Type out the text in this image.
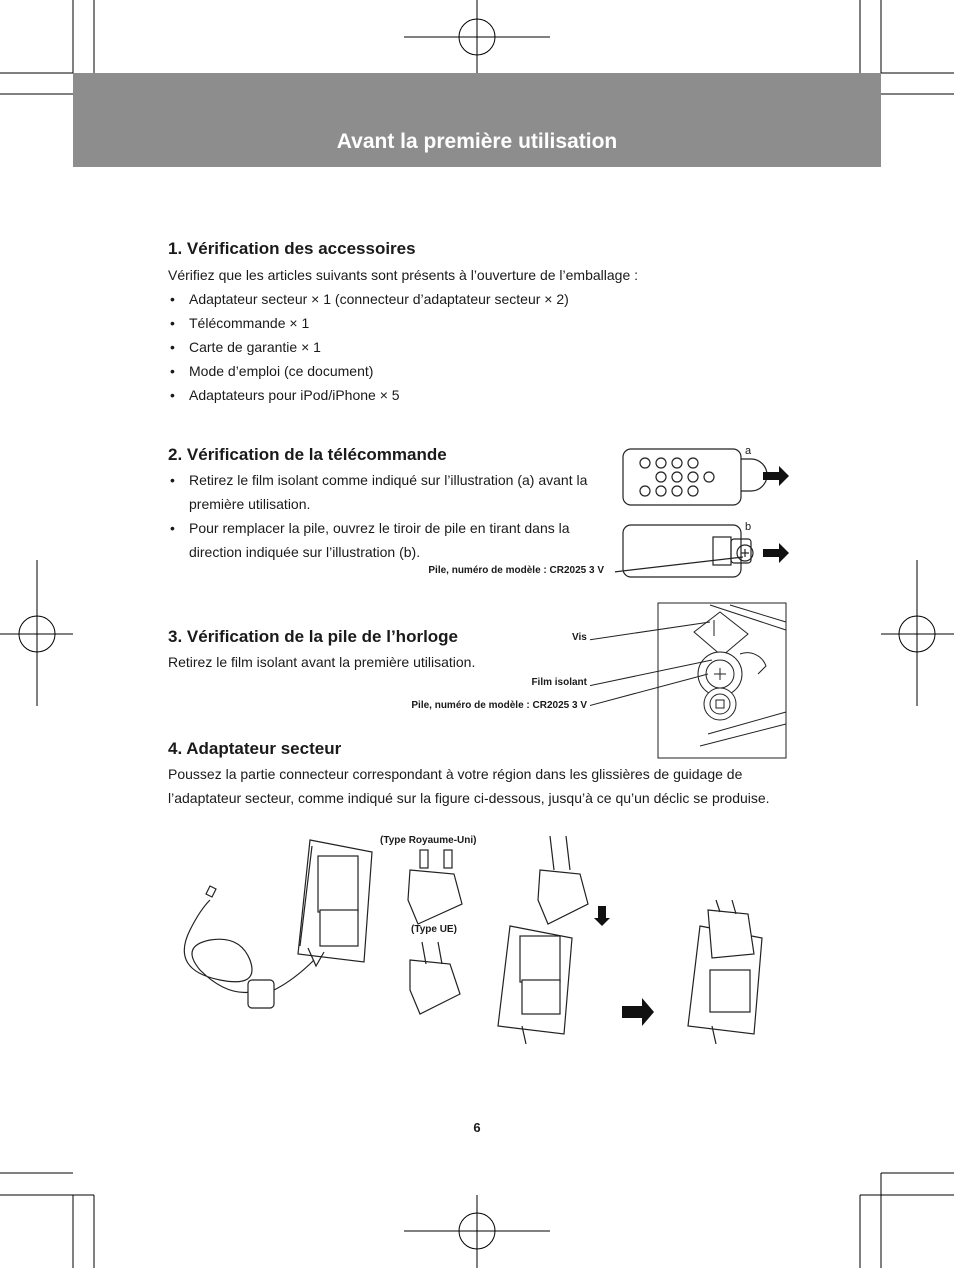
Avant la première utilisation
1. Vérification des accessoires

Vérifiez que les articles suivants sont présents à l’ouverture de l’emballage :

• Adaptateur secteur × 1 (connecteur d’adaptateur secteur × 2)
• Télécommande × 1
• Carte de garantie × 1
• Mode d’emploi (ce document)
• Adaptateurs pour iPod/iPhone × 5
2. Vérification de la télécommande
• Retirez le film isolant comme indiqué sur l’illustration (a) avant la première utilisation.
• Pour remplacer la pile, ouvrez le tiroir de pile en tirant dans la direction indiquée sur l’illustration (b).
a
b
Pile, numéro de modèle : CR2025 3 V
3. Vérification de la pile de l’horloge

Retirez le film isolant avant la première utilisation.

Vis
Film isolant
Pile, numéro de modèle : CR2025 3 V
4. Adaptateur secteur

Poussez la partie connecteur correspondant à votre région dans les glissières de guidage de l’adaptateur secteur, comme indiqué sur la figure ci-dessous, jusqu’à ce qu’un déclic se produise.

(Type Royaume-Uni)
(Type UE)
6
